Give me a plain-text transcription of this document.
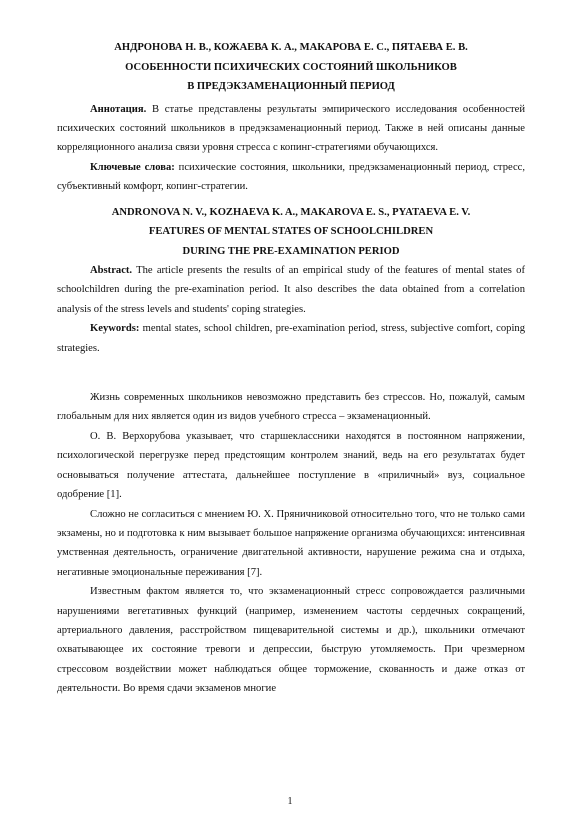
АНДРОНОВА Н. В., КОЖАЕВА К. А., МАКАРОВА Е. С., ПЯТАЕВА Е. В.

ОСОБЕННОСТИ ПСИХИЧЕСКИХ СОСТОЯНИЙ ШКОЛЬНИКОВ

В ПРЕДЭКЗАМЕНАЦИОННЫЙ ПЕРИОД

Аннотация. В статье представлены результаты эмпирического исследования особенностей психических состояний школьников в предэкзаменационный период. Также в ней описаны данные корреляционного анализа связи уровня стресса с копинг-стратегиями обучающихся.

Ключевые слова: психические состояния, школьники, предэкзаменационный период, стресс, субъективный комфорт, копинг-стратегии.

ANDRONOVA N. V., KOZHAEVA K. A., MAKAROVA E. S., PYATAEVA E. V.

FEATURES OF MENTAL STATES OF SCHOOLCHILDREN

DURING THE PRE-EXAMINATION PERIOD

Abstract. The article presents the results of an empirical study of the features of mental states of schoolchildren during the pre-examination period. It also describes the data obtained from a correlation analysis of the stress levels and students' coping strategies.

Keywords: mental states, school children, pre-examination period, stress, subjective comfort, coping strategies.

Жизнь современных школьников невозможно представить без стрессов. Но, пожалуй, самым глобальным для них является один из видов учебного стресса – экзаменационный.

О. В. Верхорубова указывает, что старшеклассники находятся в постоянном напряжении, психологической перегрузке перед предстоящим контролем знаний, ведь на его результатах будет основываться получение аттестата, дальнейшее поступление в «приличный» вуз, социальное одобрение [1].

Сложно не согласиться с мнением Ю. Х. Пряничниковой относительно того, что не только сами экзамены, но и подготовка к ним вызывает большое напряжение организма обучающихся: интенсивная умственная деятельность, ограничение двигательной активности, нарушение режима сна и отдыха, негативные эмоциональные переживания [7].

Известным фактом является то, что экзаменационный стресс сопровождается различными нарушениями вегетативных функций (например, изменением частоты сердечных сокращений, артериального давления, расстройством пищеварительной системы и др.), школьники отмечают охватывающее их состояние тревоги и депрессии, быструю утомляемость. При чрезмерном стрессовом воздействии может наблюдаться общее торможение, скованность и даже отказ от деятельности. Во время сдачи экзаменов многие

1
